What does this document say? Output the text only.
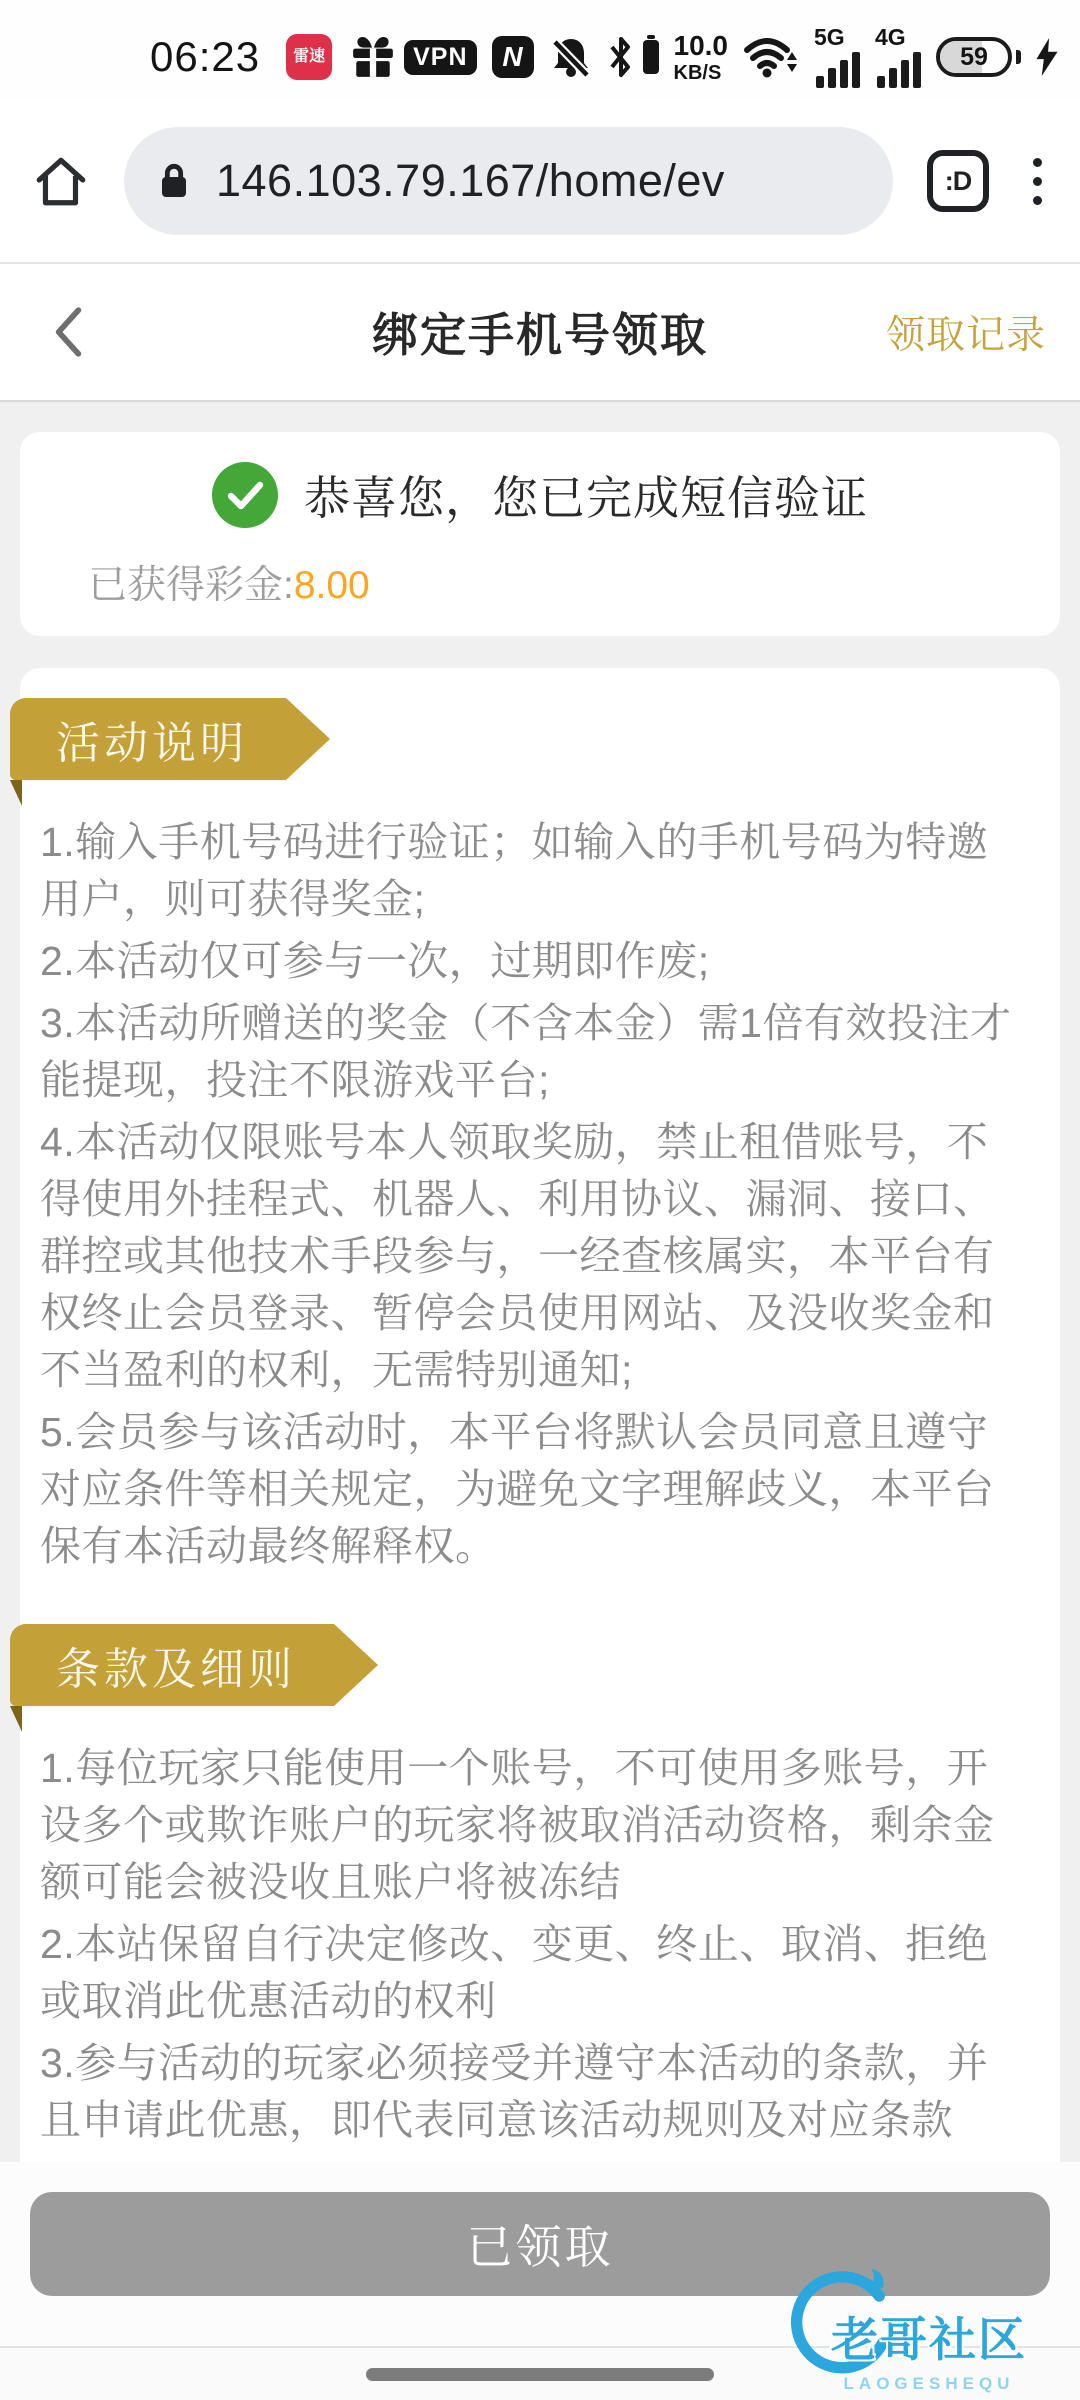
06:23 雷速	VPN	N	10.0
KB/S
5G 4G
59
146.103.79.167/home/ev	:D
绑定手机号领取	领取记录
恭喜您，您已完成短信验证
已获得彩金:8.00
活动说明

1.输入手机号码进行验证；如输入的手机号码为特邀用户，则可获得奖金;

2.本活动仅可参与一次，过期即作废;

3.本活动所赠送的奖金（不含本金）需1倍有效投注才能提现，投注不限游戏平台;

4.本活动仅限账号本人领取奖励，禁止租借账号，不得使用外挂程式、机器人、利用协议、漏洞、接口、群控或其他技术手段参与，一经查核属实，本平台有权终止会员登录、暂停会员使用网站、及没收奖金和不当盈利的权利，无需特别通知;

5.会员参与该活动时，本平台将默认会员同意且遵守对应条件等相关规定，为避免文字理解歧义，本平台保有本活动最终解释权。

条款及细则

1.每位玩家只能使用一个账号，不可使用多账号，开设多个或欺诈账户的玩家将被取消活动资格，剩余金额可能会被没收且账户将被冻结

2.本站保留自行决定修改、变更、终止、取消、拒绝或取消此优惠活动的权利

3.参与活动的玩家必须接受并遵守本活动的条款，并且申请此优惠，即代表同意该活动规则及对应条款

已领取
老哥社区
LAOGESHEQU
